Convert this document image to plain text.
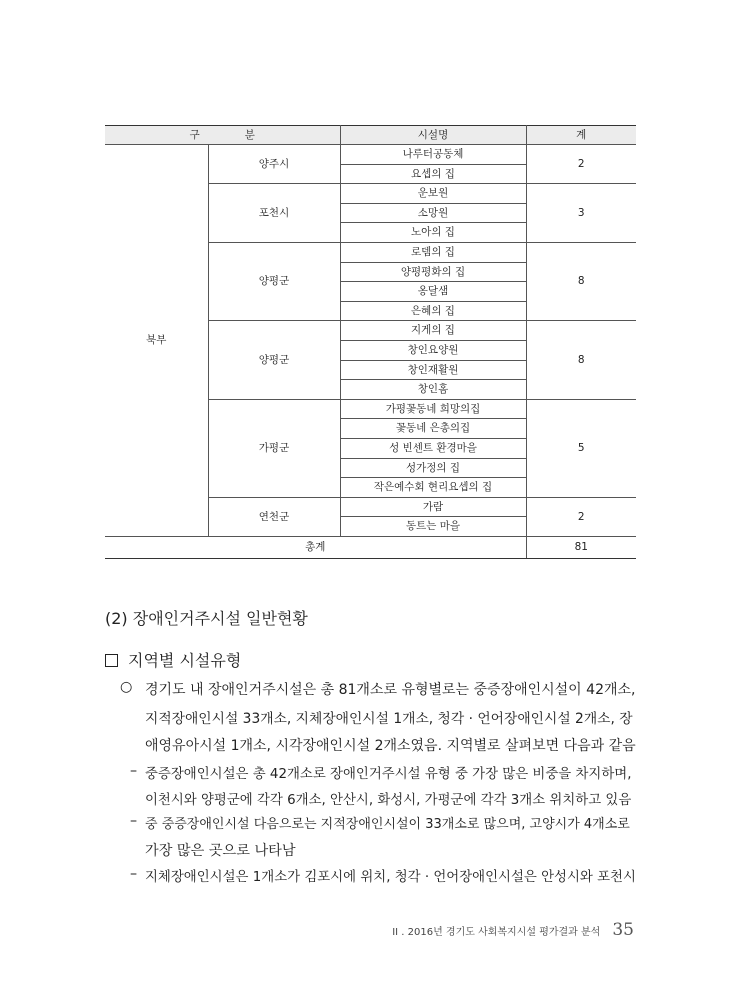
구 분		시설명	계
북부	양주시	나루터공동체	2
		요셉의 집	
	포천시	운보원	3
		소망원	
		노아의 집	
	양평군	로뎀의 집	8
		양평평화의 집	
		옹달샘	
		은혜의 집	
	양평군	지게의 집	8
		창인요양원	
		창인재활원	
		창인홈	
	가평군	가평꽃동네 희망의집	5
		꽃동네 은총의집	
		성 빈센트 환경마을	
		성가정의 집	
		작은예수회 현리요셉의 집	
	연천군	가람	2
		동트는 마을	
총계			81
(2) 장애인거주시설 일반현황
지역별 시설유형
○ 경기도 내 장애인거주시설은 총 81개소로 유형별로는 중증장애인시설이 42개소,
지적장애인시설 33개소, 지체장애인시설 1개소, 청각 · 언어장애인시설 2개소, 장
애영유아시설 1개소, 시각장애인시설 2개소였음. 지역별로 살펴보면 다음과 같음
– 중증장애인시설은 총 42개소로 장애인거주시설 유형 중 가장 많은 비중을 차지하며,
이천시와 양평군에 각각 6개소, 안산시, 화성시, 가평군에 각각 3개소 위치하고 있음
– 중 중증장애인시설 다음으로는 지적장애인시설이 33개소로 많으며, 고양시가 4개소로
가장 많은 곳으로 나타남
– 지체장애인시설은 1개소가 김포시에 위치, 청각 · 언어장애인시설은 안성시와 포천시
II . 2016년 경기도 사회복지시설 평가결과 분석 35
